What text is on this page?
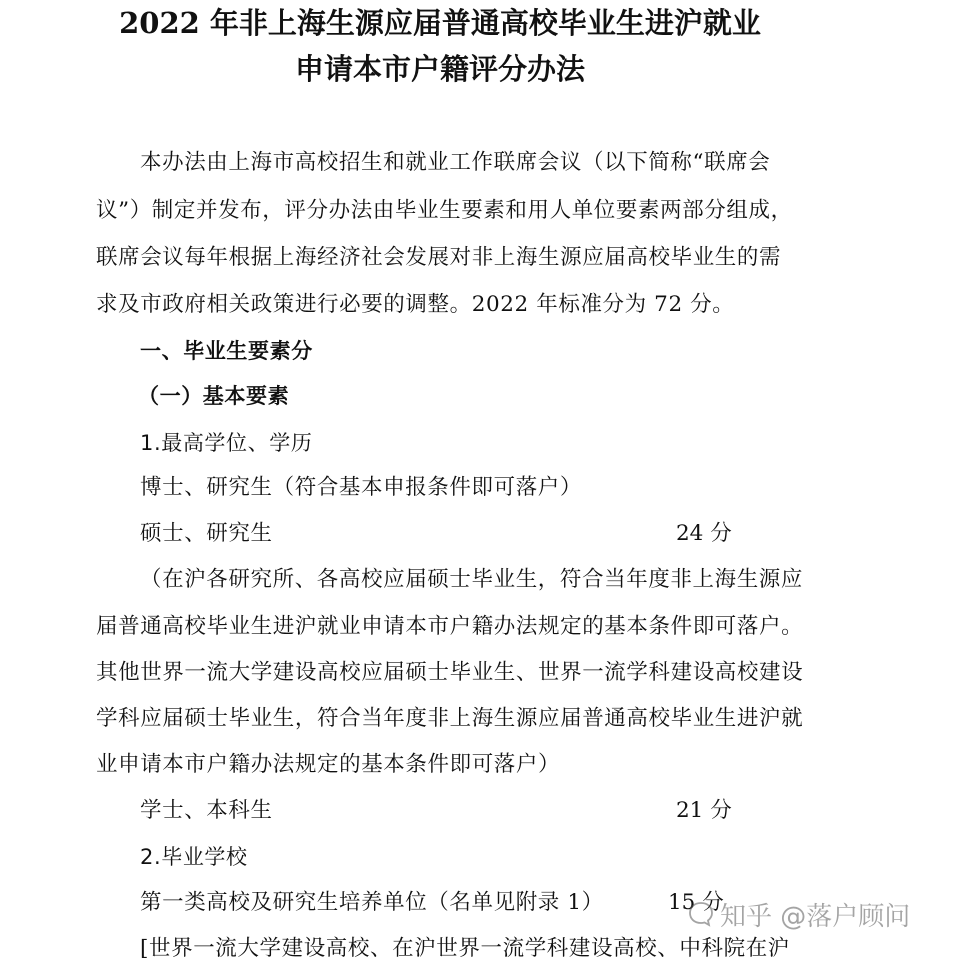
2022 年非上海生源应届普通高校毕业生进沪就业
申请本市户籍评分办法
本办法由上海市高校招生和就业工作联席会议（以下简称“联席会
议”）制定并发布，评分办法由毕业生要素和用人单位要素两部分组成，
联席会议每年根据上海经济社会发展对非上海生源应届高校毕业生的需
求及市政府相关政策进行必要的调整。2022 年标准分为 72 分。
一、毕业生要素分
（一）基本要素
1.最高学位、学历
博士、研究生（符合基本申报条件即可落户）
硕士、研究生	24 分
（在沪各研究所、各高校应届硕士毕业生，符合当年度非上海生源应
届普通高校毕业生进沪就业申请本市户籍办法规定的基本条件即可落户。
其他世界一流大学建设高校应届硕士毕业生、世界一流学科建设高校建设
学科应届硕士毕业生，符合当年度非上海生源应届普通高校毕业生进沪就
业申请本市户籍办法规定的基本条件即可落户）
学士、本科生	21 分
2.毕业学校
第一类高校及研究生培养单位（名单见附录 1）	15 分
[世界一流大学建设高校、在沪世界一流学科建设高校、中科院在沪
知乎 @落户顾问
